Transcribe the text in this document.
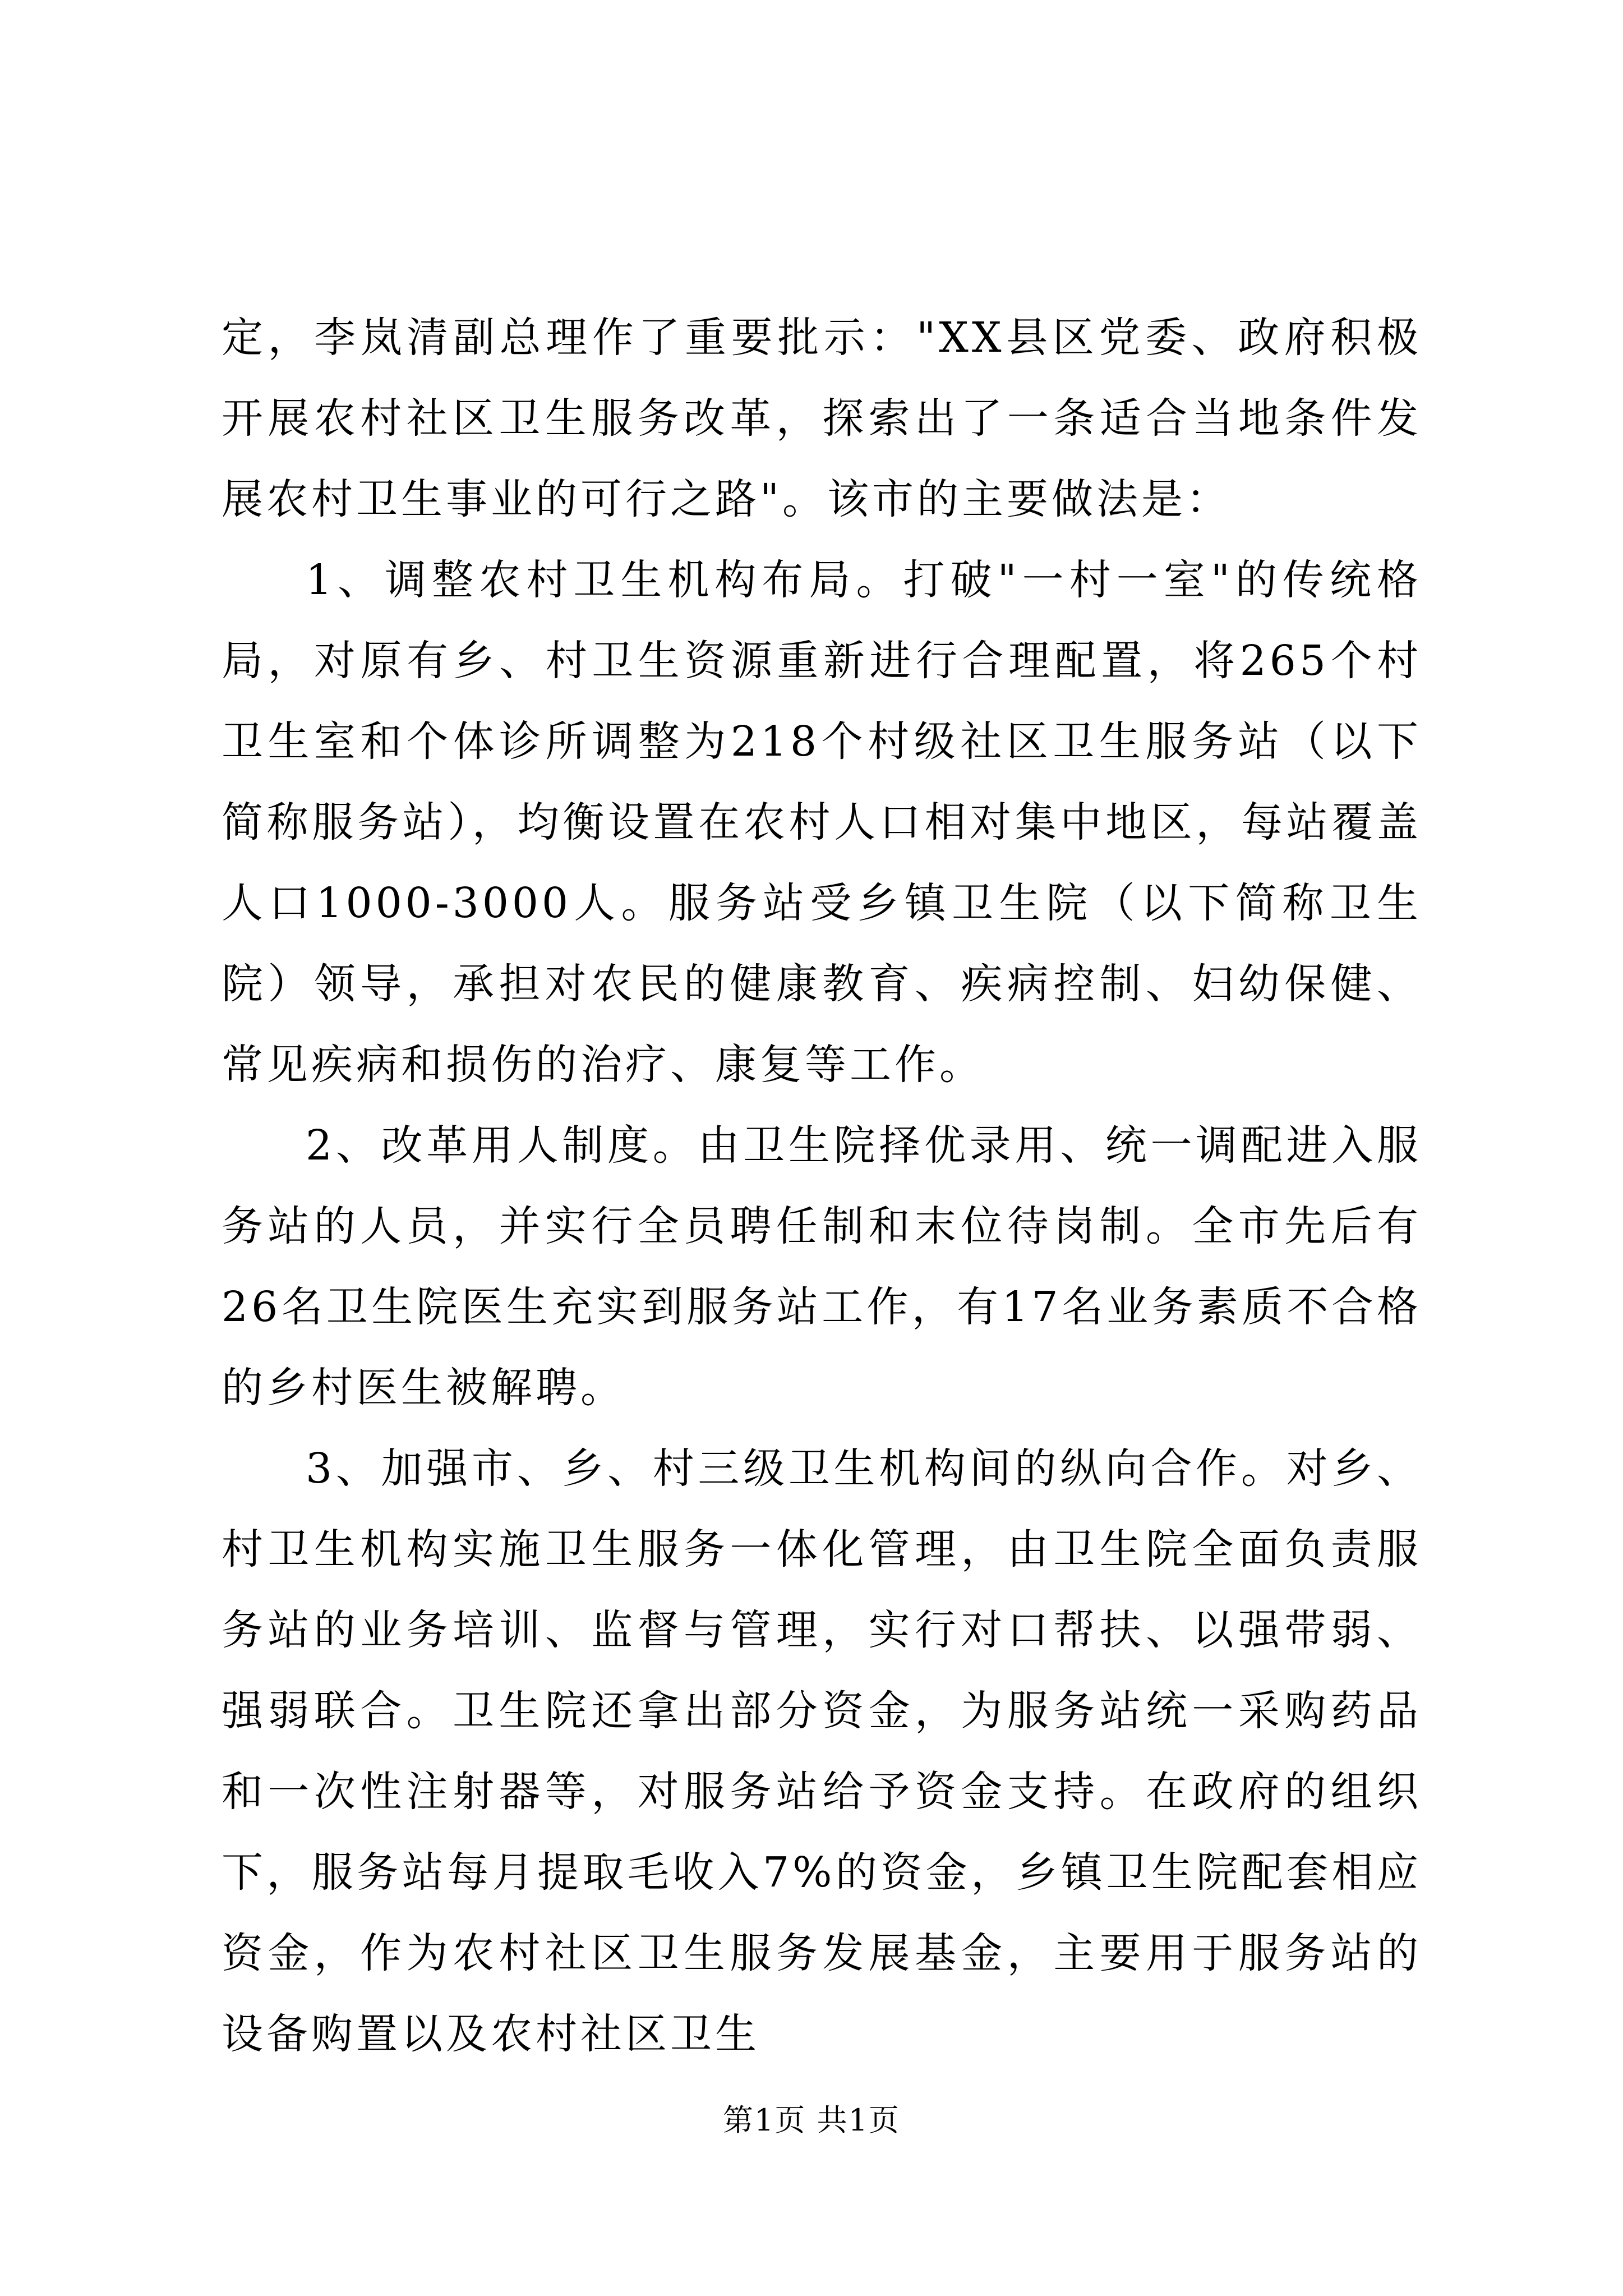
定，李岚清副总理作了重要批示："XX县区党委、政府积极开展农村社区卫生服务改革，探索出了一条适合当地条件发展农村卫生事业的可行之路"。该市的主要做法是：

1、调整农村卫生机构布局。打破"一村一室"的传统格局，对原有乡、村卫生资源重新进行合理配置，将265个村卫生室和个体诊所调整为218个村级社区卫生服务站（以下简称服务站），均衡设置在农村人口相对集中地区，每站覆盖人口1000-3000人。服务站受乡镇卫生院（以下简称卫生院）领导，承担对农民的健康教育、疾病控制、妇幼保健、常见疾病和损伤的治疗、康复等工作。

2、改革用人制度。由卫生院择优录用、统一调配进入服务站的人员，并实行全员聘任制和末位待岗制。全市先后有26名卫生院医生充实到服务站工作，有17名业务素质不合格的乡村医生被解聘。

3、加强市、乡、村三级卫生机构间的纵向合作。对乡、村卫生机构实施卫生服务一体化管理，由卫生院全面负责服务站的业务培训、监督与管理，实行对口帮扶、以强带弱、强弱联合。卫生院还拿出部分资金，为服务站统一采购药品和一次性注射器等，对服务站给予资金支持。在政府的组织下，服务站每月提取毛收入7%的资金，乡镇卫生院配套相应资金，作为农村社区卫生服务发展基金，主要用于服务站的设备购置以及农村社区卫生

第1页 共1页
